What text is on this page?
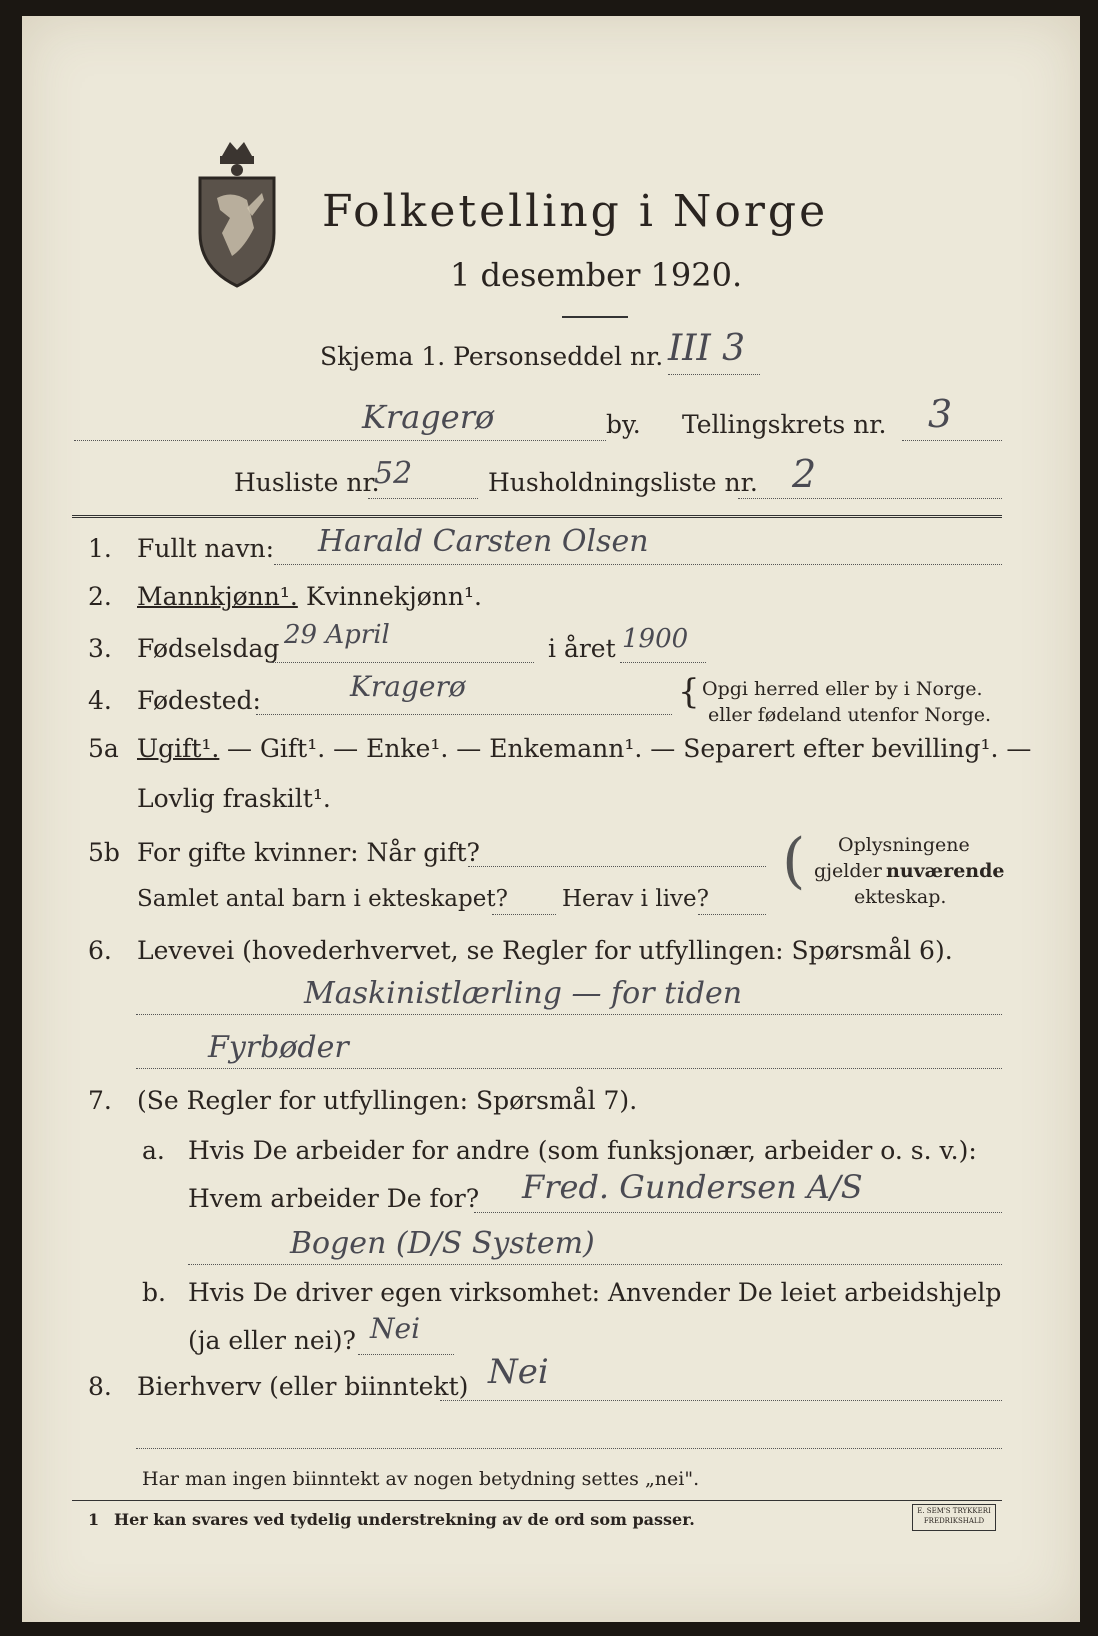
Folketelling i Norge
1 desember 1920.
Skjema 1. Personseddel nr. III 3
Kragerø	by. Tellingskrets nr. 3
Husliste nr.
52	Husholdningsliste nr. 2
1. Fullt navn: Harald Carsten Olsen
2. Mannkjønn¹. Kvinnekjønn¹.
3. Fødselsdag 29 April	i året 1900
4. Fødested:	Kragerø	{ Opgi herred eller by i Norge.
eller fødeland utenfor Norge.
5a Ugift¹. — Gift¹. — Enke¹. — Enkemann¹. — Separert efter bevilling¹. —
Lovlig fraskilt¹.
5b For gifte kvinner: Når gift?
Samlet antal barn i ekteskapet? Herav i live?
( Oplysningene
gjelder nuværende
ekteskap.
6. Levevei (hovederhvervet, se Regler for utfyllingen: Spørsmål 6).
Maskinistlærling — for tiden
Fyrbøder
7. (Se Regler for utfyllingen: Spørsmål 7).
a. Hvis De arbeider for andre (som funksjonær, arbeider o. s. v.):
Hvem arbeider De for? Fred. Gundersen A/S
Bogen (D/S System)
b. Hvis De driver egen virksomhet: Anvender De leiet arbeidshjelp
(ja eller nei)? Nei
8. Bierhverv (eller biinntekt) Nei
Har man ingen biinntekt av nogen betydning settes „nei".
1 Her kan svares ved tydelig understrekning av de ord som passer.	E. SEM'S TRYKKERI
FREDRIKSHALD
